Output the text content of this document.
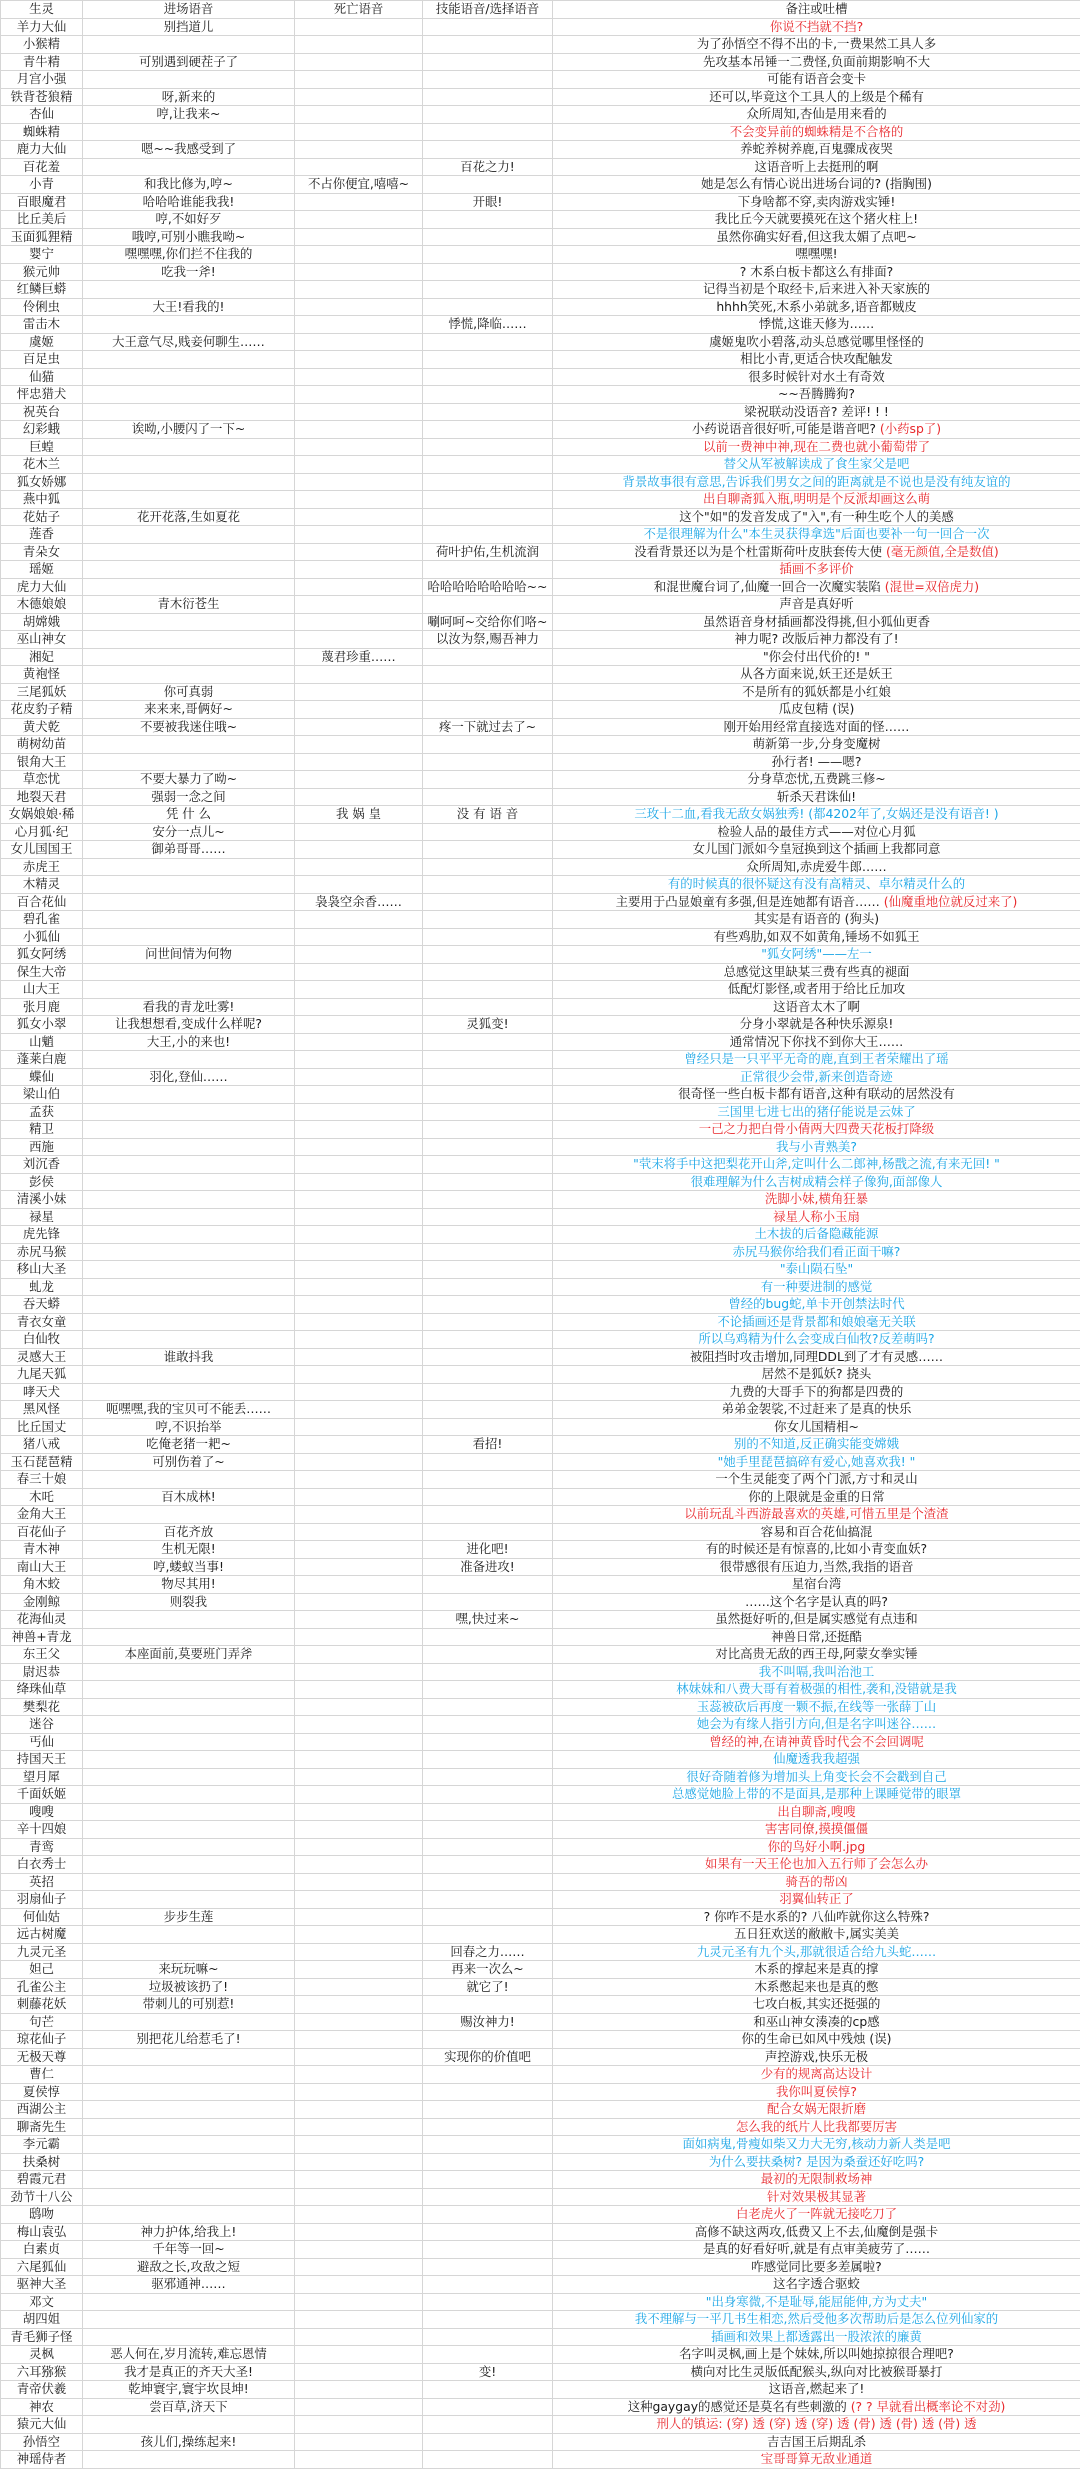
生灵	进场语音	死亡语音	技能语音/选择语音	备注或吐槽
羊力大仙	别挡道儿			你说不挡就不挡?
小猴精				为了孙悟空不得不出的卡,一费果然工具人多
青牛精	可别遇到硬茬子了			先攻基本吊锤一二费怪,负面前期影响不大
月宫小强				可能有语音会变卡
铁背苍狼精	呀,新来的			还可以,毕竟这个工具人的上级是个稀有
杏仙	哼,让我来~			众所周知,杏仙是用来看的
蜘蛛精				不会变异前的蜘蛛精是不合格的
鹿力大仙	嗯~~我感受到了			养蛇养树养鹿,百鬼骤成夜哭
百花羞			百花之力!	这语音听上去挺刑的啊
小青	和我比修为,哼~	不占你便宜,嘻嘻~		她是怎么有情心说出进场台词的? (指胸围)
百眼魔君	哈哈哈谁能我我!		开眼!	下身啥都不穿,卖肉游戏实锤!
比丘美后	哼,不如好歹			我比丘今天就要摸死在这个猪火柱上!
玉面狐狸精	哦哼,可别小瞧我呦~			虽然你确实好看,但这我太媚了点吧~
婴宁	嘿嘿嘿,你们拦不住我的			嘿嘿嘿!
猴元帅	吃我一斧!			? 木系白板卡都这么有排面?
红鳞巨蟒				记得当初是个取经卡,后来进入补天家族的
伶俐虫	大王!看我的!			hhhh笑死,木系小弟就多,语音都贼皮
雷击木			悸慌,降临……	悸慌,这谁天修为……
虞姬	大王意气尽,贱妾何聊生……			虞姬鬼吹小碧落,动头总感觉哪里怪怪的
百足虫				相比小青,更适合快攻配触发
仙猫				很多时候针对水土有奇效
怦忠猎犬				~~吾腾腾狗?
祝英台				梁祝联动没语音? 差评! ! !
幻彩蛾	诶呦,小腰闪了一下~			小药说语音很好听,可能是谐音吧? (小药sp了)
巨蝗				以前一费神中神,现在二费也就小葡萄带了
花木兰				替父从军被解读成了食生家父是吧
狐女娇娜				背景故事很有意思,告诉我们男女之间的距离就是不说也是没有纯友谊的
燕中狐				出自聊斋狐入瓶,明明是个反派却画这么萌
花姑子	花开花落,生如夏花			这个"如"的发音发成了"入",有一种生吃个人的美感
莲香				不是很理解为什么"本生灵获得拿选"后面也要补一句一回合一次
青朵女			荷叶护佑,生机流润	没看背景还以为是个杜雷斯荷叶皮肤套传大使 (毫无颜值,全是数值)
瑶姬				插画不多评价
虎力大仙			哈哈哈哈哈哈哈哈~~	和混世魔台词了,仙魔一回合一次魔实装陷 (混世=双倍虎力)
木德娘娘	青木衍苍生			声音是真好听
胡嫦娥			唰呵呵~交给你们咯~	虽然语音身材插画都没得挑,但小狐仙更香
巫山神女			以汝为祭,赐吾神力	神力呢? 改版后神力都没有了!
湘妃		蔑君珍重……		"你会付出代价的! "
黄袍怪				从各方面来说,妖王还是妖王
三尾狐妖	你可真弱			不是所有的狐妖都是小红娘
花皮豹子精	来来来,哥俩好~			瓜皮包精 (误)
黄犬乾	不要被我迷住哦~		疼一下就过去了~	刚开始用经常直接选对面的怪……
萌树幼苗				萌新第一步,分身变魔树
银角大王				孙行者! ——嗯?
草恋忧	不要大暴力了呦~			分身草恋忧,五费跳三修~
地裂天君	强弱一念之间			斩杀天君诛仙!
女娲娘娘·稀	凭 什 么	我 娲 皇	没 有 语 音	三玫十二血,看我无敌女娲独秀! (都4202年了,女娲还是没有语音! )
心月狐·纪	安分一点儿~			检验人品的最佳方式——对位心月狐
女儿国国王	御弟哥哥……			女儿国门派如今皇冠换到这个插画上我都同意
赤虎王				众所周知,赤虎爱牛郎……
木精灵				有的时候真的很怀疑这有没有高精灵、卓尔精灵什么的
百合花仙		袅袅空余香……		主要用于凸显娘童有多强,但是连她都有语音…… (仙魔重地位就反过来了)
碧孔雀				其实是有语音的 (狗头)
小狐仙				有些鸡肋,如双不如黄角,锤场不如狐王
狐女阿绣	问世间情为何物			"狐女阿绣"——左一
保生大帝				总感觉这里缺某三费有些真的褪面
山大王				低配灯影怪,或者用于给比丘加攻
张月鹿	看我的青龙吐雾!			这语音太木了啊
狐女小翠	让我想想看,变成什么样呢?		灵狐变!	分身小翠就是各种快乐源泉!
山魈	大王,小的来也!			通常情况下你找不到你大王……
蓬莱白鹿				曾经只是一只平平无奇的鹿,直到王者荣耀出了瑶
蝶仙	羽化,登仙……			正常很少会带,新来创造奇迹
梁山伯				很奇怪一些白板卡都有语音,这种有联动的居然没有
孟获				三国里七进七出的猪仔能说是云妹了
精卫				一己之力把白骨小倩两大四费天花板打降级
西施				我与小青熟美?
刘沉香				"茕末将手中这把梨花开山斧,定叫什么二郎神,杨戬之流,有来无回! "
彭侯				很难理解为什么吉树成精会样子像狗,面部像人
清溪小妹				洗脚小妹,横角狂暴
禄星				禄星人称小玉扇
虎先锋				土木拔的后备隐藏能源
赤尻马猴				赤尻马猴你给我们看正面干嘛?
移山大圣				"泰山陨石坠"
虬龙				有一种要进制的感觉
吞天蟒				曾经的bug蛇,单卡开创禁法时代
青衣女童				不论插画还是背景都和娘娘毫无关联
白仙牧				所以乌鸡精为什么会变成白仙牧?反差萌吗?
灵感大王	谁敢抖我			被阻挡时攻击增加,同理DDL到了才有灵感……
九尾天狐				居然不是狐妖? 挠头
哮天犬				九费的大哥手下的狗都是四费的
黑风怪	呃嘿嘿,我的宝贝可不能丢……			弟弟金袈裟,不过赶来了是真的快乐
比丘国丈	哼,不识抬举			你女儿国精相~
猪八戒	吃俺老猪一耙~		看招!	别的不知道,反正确实能变嫦娥
玉石琵琶精	可别伤着了~			"她手里琵琶搞碎有爱心,她喜欢我! "
春三十娘				一个生灵能变了两个门派,方寸和灵山
木吒	百木成林!			你的上限就是金重的日常
金角大王				以前玩乱斗西游最喜欢的英雄,可惜五里是个渣渣
百花仙子	百花齐放			容易和百合花仙搞混
青木神	生机无限!		进化吧!	有的时候还是有惊喜的,比如小青变血妖?
南山大王	哼,蝼蚁当事!		准备进攻!	很带感很有压迫力,当然,我指的语音
角木蛟	物尽其用!			星宿台湾
金刚鲸	则裂我			……这个名字是认真的吗?
花海仙灵			嘿,快过来~	虽然挺好听的,但是属实感觉有点违和
神兽+青龙				神兽日常,还挺酷
东王父	本座面前,莫要班门弄斧			对比高贵无敌的西王母,阿蒙女拳实锤
尉迟恭				我不叫嗝,我叫治池工
绛珠仙草				林妹妹和八费大哥有着极强的相性,袭和,没错就是我
樊梨花				玉蕊被砍后再度一颗不振,在线等一张薛丁山
迷谷				她会为有缘人指引方向,但是名字叫迷谷……
丐仙				曾经的神,在请神黄昏时代会不会回调呢
持国天王				仙魔透我我超强
望月犀				很好奇随着修为增加头上角变长会不会戳到自己
千面妖姬				总感觉她脸上带的不是面具,是那种上课睡觉带的眼罩
嗖嗖				出自聊斋,嗖嗖
辛十四娘				害害同僚,摸摸僵僵
青鸾				你的鸟好小啊.jpg
白衣秀士				如果有一天王伦也加入五行师了会怎么办
英招				骑吾的帮凶
羽扇仙子				羽翼仙转正了
何仙姑	步步生莲			? 你咋不是水系的? 八仙咋就你这么特殊?
远古树魔				五日狂欢送的敝敝卡,属实美美
九灵元圣			回春之力……	九灵元圣有九个头,那就很适合给九头蛇……
妲己	来玩玩嘛~		再来一次么~	木系的撑起来是真的撑
孔雀公主	垃圾被该扔了!		就它了!	木系憋起来也是真的憋
刺藤花妖	带刺儿的可别惹!			七攻白板,其实还挺强的
句芒			赐汝神力!	和巫山神女湊凑的cp感
琼花仙子	别把花儿给惹毛了!			你的生命已如风中残烛 (误)
无极天尊			实现你的价值吧	声控游戏,快乐无极
曹仁				少有的规离高达设计
夏侯惇				我你叫夏侯惇?
西湖公主				配合女娲无限折磨
聊斋先生				怎么我的纸片人比我都要厉害
李元霸				面如病鬼,骨瘦如柴又力大无穷,核动力新人类是吧
扶桑树				为什么要扶桑树? 是因为桑蚕还好吃吗?
碧霞元君				最初的无限制救场神
劲节十八公				针对效果极其显著
鸱吻				白老虎火了一阵就无接吃刀了
梅山袁弘	神力护体,给我上!			高修不缺这两攻,低费又上不去,仙魔倒是强卡
白素贞	千年等一回~			是真的好看好听,就是有点审美疲劳了……
六尾狐仙	避敌之长,攻敌之短			咋感觉同比要多差属啦?
驱神大圣	驱邪通神……			这名字透合驱蛟
邓文				"出身寒微,不是耻辱,能屈能伸,方为丈夫"
胡四姐				我不理解与一平几书生相恋,然后受他多次帮助后是怎么位列仙家的
青毛狮子怪				插画和效果上都透露出一股浓浓的廉黄
灵枫	恶人何在,岁月流转,难忘恩情			名字叫灵枫,画上是个妹妹,所以叫她掠掠很合理吧?
六耳猕猴	我才是真正的齐天大圣!		变!	横向对比生灵版低配猴头,纵向对比被猴哥暴打
青帝伏羲	乾坤寰宇,寰宇坎艮坤!			这语音,燃起来了!
神农	尝百草,济天下			这种gaygay的感觉还是莫名有些刺激的 (? ? 早就看出概率论不对劲)
猿元大仙				刑人的镇运: (穿) 透 (穿) 透 (穿) 透 (骨) 透 (骨) 透 (骨) 透
孙悟空	孩儿们,操练起来!			吉吉国王后期乱杀
神瑶侍者				宝哥哥算无敌业通道
